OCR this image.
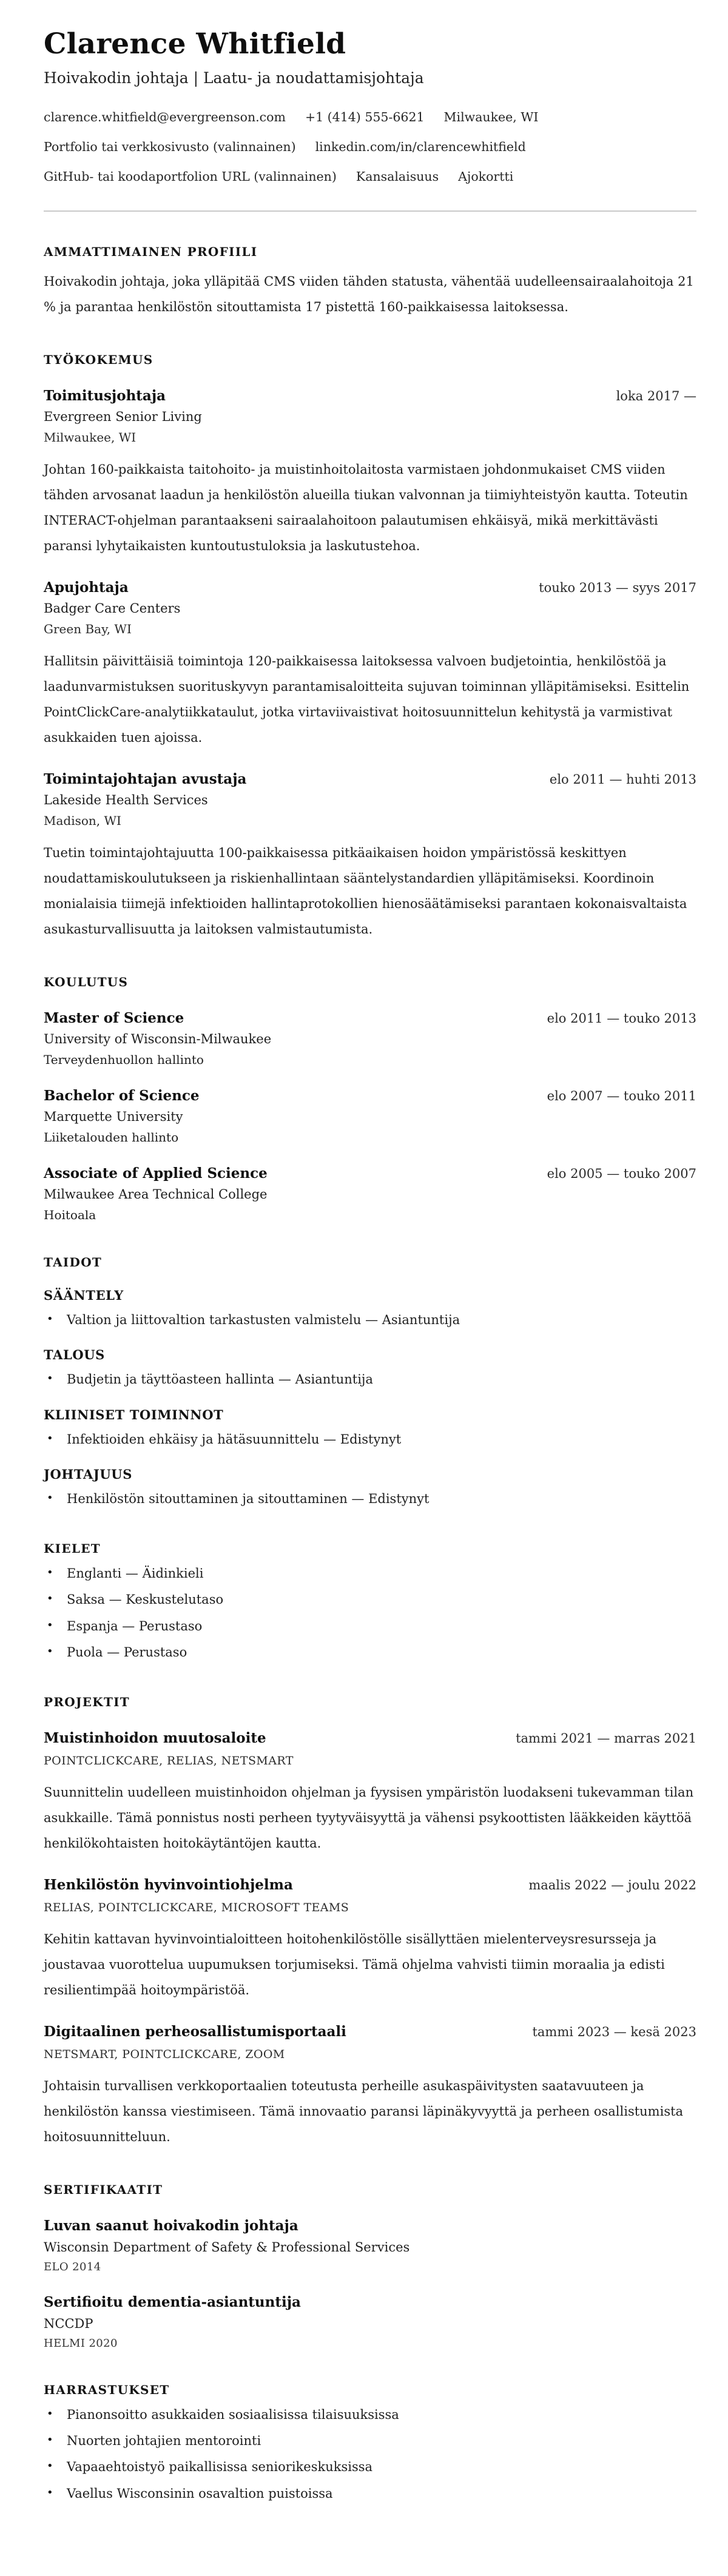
Clarence Whitfield
Hoivakodin johtaja | Laatu- ja noudattamisjohtaja
clarence.whitfield@evergreenson.com +1 (414) 555-6621 Milwaukee, WI
Portfolio tai verkkosivusto (valinnainen) linkedin.com/in/clarencewhitfield
GitHub- tai koodaportfolion URL (valinnainen) Kansalaisuus Ajokortti
AMMATTIMAINEN PROFIILI

Hoivakodin johtaja, joka ylläpitää CMS viiden tähden statusta, vähentää uudelleensairaalahoitoja 21 % ja parantaa henkilöstön sitouttamista 17 pistettä 160-paikkaisessa laitoksessa.

TYÖKOKEMUS
Toimitusjohtaja	loka 2017 —
Evergreen Senior Living
Milwaukee, WI

Johtan 160-paikkaista taitohoito- ja muistinhoitolaitosta varmistaen johdonmukaiset CMS viiden tähden arvosanat laadun ja henkilöstön alueilla tiukan valvonnan ja tiimiyhteistyön kautta. Toteutin INTERACT-ohjelman parantaakseni sairaalahoitoon palautumisen ehkäisyä, mikä merkittävästi paransi lyhytaikaisten kuntoutustuloksia ja laskutustehoa.

Apujohtaja	touko 2013 — syys 2017
Badger Care Centers
Green Bay, WI

Hallitsin päivittäisiä toimintoja 120-paikkaisessa laitoksessa valvoen budjetointia, henkilöstöä ja laadunvarmistuksen suorituskyvyn parantamisaloitteita sujuvan toiminnan ylläpitämiseksi. Esittelin PointClickCare-analytiikkataulut, jotka virtaviivaistivat hoitosuunnittelun kehitystä ja varmistivat asukkaiden tuen ajoissa.

Toimintajohtajan avustaja	elo 2011 — huhti 2013
Lakeside Health Services
Madison, WI

Tuetin toimintajohtajuutta 100-paikkaisessa pitkäaikaisen hoidon ympäristössä keskittyen noudattamiskoulutukseen ja riskienhallintaan sääntelystandardien ylläpitämiseksi. Koordinoin monialaisia tiimejä infektioiden hallintaprotokollien hienosäätämiseksi parantaen kokonaisvaltaista asukasturvallisuutta ja laitoksen valmistautumista.

KOULUTUS
Master of Science	elo 2011 — touko 2013
University of Wisconsin-Milwaukee
Terveydenhuollon hallinto
Bachelor of Science	elo 2007 — touko 2011
Marquette University
Liiketalouden hallinto
Associate of Applied Science	elo 2005 — touko 2007
Milwaukee Area Technical College
Hoitoala
TAIDOT
SÄÄNTELY
• Valtion ja liittovaltion tarkastusten valmistelu — Asiantuntija
TALOUS
• Budjetin ja täyttöasteen hallinta — Asiantuntija
KLIINISET TOIMINNOT
• Infektioiden ehkäisy ja hätäsuunnittelu — Edistynyt
JOHTAJUUS
• Henkilöstön sitouttaminen ja sitouttaminen — Edistynyt
KIELET
• Englanti — Äidinkieli
• Saksa — Keskustelutaso
• Espanja — Perustaso
• Puola — Perustaso
PROJEKTIT
Muistinhoidon muutosaloite	tammi 2021 — marras 2021
POINTCLICKCARE, RELIAS, NETSMART

Suunnittelin uudelleen muistinhoidon ohjelman ja fyysisen ympäristön luodakseni tukevamman tilan asukkaille. Tämä ponnistus nosti perheen tyytyväisyyttä ja vähensi psykoottisten lääkkeiden käyttöä henkilökohtaisten hoitokäytäntöjen kautta.

Henkilöstön hyvinvointiohjelma	maalis 2022 — joulu 2022
RELIAS, POINTCLICKCARE, MICROSOFT TEAMS

Kehitin kattavan hyvinvointialoitteen hoitohenkilöstölle sisällyttäen mielenterveysresursseja ja joustavaa vuorottelua uupumuksen torjumiseksi. Tämä ohjelma vahvisti tiimin moraalia ja edisti resilientimpää hoitoympäristöä.

Digitaalinen perheosallistumisportaali	tammi 2023 — kesä 2023
NETSMART, POINTCLICKCARE, ZOOM

Johtaisin turvallisen verkkoportaalien toteutusta perheille asukaspäivitysten saatavuuteen ja henkilöstön kanssa viestimiseen. Tämä innovaatio paransi läpinäkyvyyttä ja perheen osallistumista hoitosuunnitteluun.

SERTIFIKAATIT
Luvan saanut hoivakodin johtaja
Wisconsin Department of Safety & Professional Services
ELO 2014
Sertifioitu dementia-asiantuntija
NCCDP
HELMI 2020
HARRASTUKSET
• Pianonsoitto asukkaiden sosiaalisissa tilaisuuksissa
• Nuorten johtajien mentorointi
• Vapaaehtoistyö paikallisissa seniorikeskuksissa
• Vaellus Wisconsinin osavaltion puistoissa
